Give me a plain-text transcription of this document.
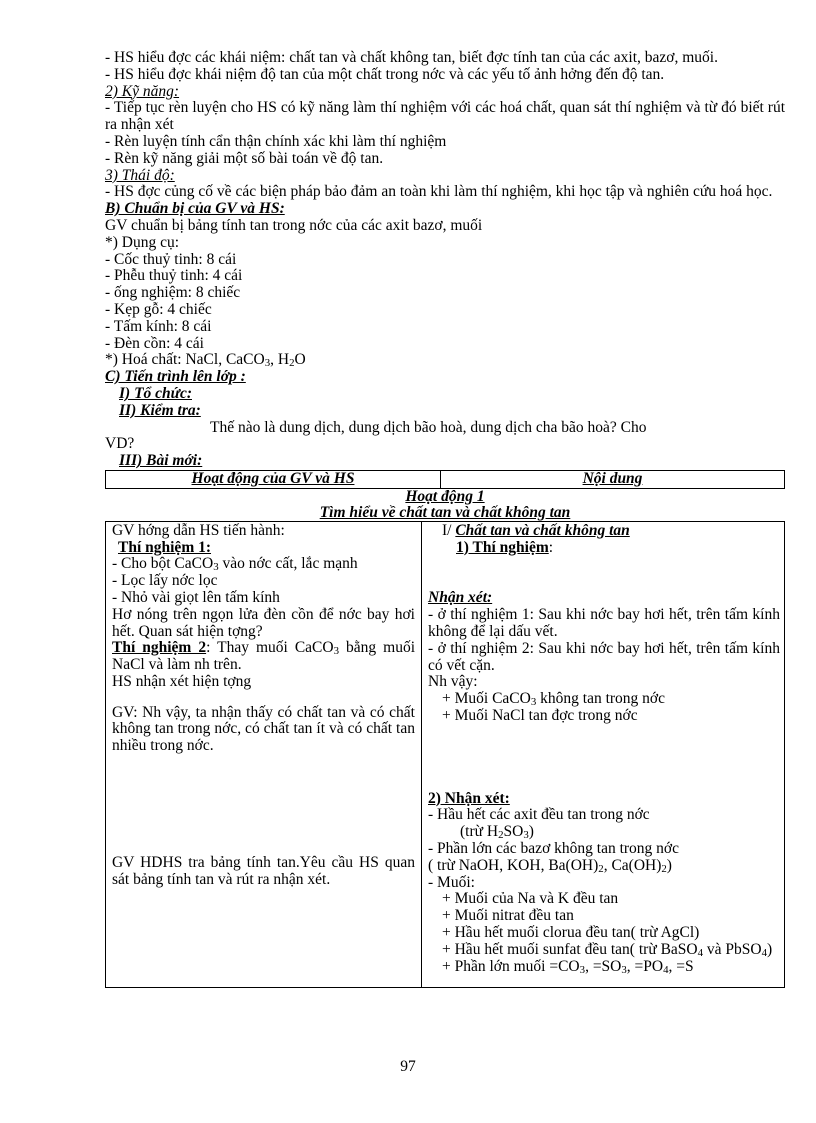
- HS hiểu đợc các khái niệm: chất tan và chất không tan, biết đợc tính tan của các axit, bazơ, muối.

- HS hiểu đợc khái niệm độ tan của một chất trong nớc và các yếu tố ảnh hởng đến độ tan.

2) Kỹ năng:

- Tiếp tục rèn luyện cho HS có kỹ năng làm thí nghiệm với các hoá chất, quan sát thí nghiệm và từ đó biết rút ra nhận xét

- Rèn luyện tính cẩn thận chính xác khi làm thí nghiệm

- Rèn kỹ năng giải một số bài toán về độ tan.

3) Thái độ:

- HS đợc củng cố về các biện pháp bảo đảm an toàn khi làm thí nghiệm, khi học tập và nghiên cứu hoá học.

B) Chuẩn bị của GV và HS:

GV chuẩn bị bảng tính tan trong nớc của các axit bazơ, muối

*) Dụng cụ:

- Cốc thuỷ tinh: 8 cái

- Phễu thuỷ tinh: 4 cái

- ống nghiệm: 8 chiếc

- Kẹp gỗ: 4 chiếc

- Tấm kính: 8 cái

- Đèn cồn: 4 cái

*) Hoá chất: NaCl, CaCO$_3$, $H_2O$

C) Tiến trình lên lớp :

I) Tổ chức:

II) Kiểm tra:

Thế nào là dung dịch, dung dịch bão hoà, dung dịch cha bão hoà? Cho

VD?

III) Bài mới:

Hoạt động của GV và HS	Nội dung
Hoạt động 1
Tìm hiểu về chất tan và chất không tan

GV hớng dẫn HS tiến hành:

Thí nghiệm 1:

- Cho bột CaCO$_3$ vào nớc cất, lắc mạnh

- Lọc lấy nớc lọc

- Nhỏ vài giọt lên tấm kính

Hơ nóng trên ngọn lửa đèn cồn để nớc bay hơi hết. Quan sát hiện tợng?

Thí nghiệm 2: Thay muối CaCO$_3$ bằng muối NaCl và làm nh trên.

HS nhận xét hiện tợng

GV: Nh vậy, ta nhận thấy có chất tan và có chất không tan trong nớc, có chất tan ít và có chất tan nhiều trong nớc.

GV HDHS tra bảng tính tan.Yêu cầu HS quan sát bảng tính tan và rút ra nhận xét.

I/ Chất tan và chất không tan

1) Thí nghiệm:

Nhận xét:

- ở thí nghiệm 1: Sau khi nớc bay hơi hết, trên tấm kính không để lại dấu vết.

- ở thí nghiệm 2: Sau khi nớc bay hơi hết, trên tấm kính có vết cặn.

Nh vậy:

+ Muối CaCO$_3$ không tan trong nớc

+ Muối NaCl tan đợc trong nớc

2) Nhận xét:

- Hầu hết các axit đều tan trong nớc

(trừ $H_2SO_3$)

- Phần lớn các bazơ không tan trong nớc

( trừ NaOH, KOH, $Ba(OH)_2$, $Ca(OH)_2$)

- Muối:

+ Muối của Na và K đều tan

+ Muối nitrat đều tan

+ Hầu hết muối clorua đều tan( trừ AgCl)

+ Hầu hết muối sunfat đều tan( trừ BaSO$_4$ và PbSO$_4$)

+ Phần lớn muối $=CO_3$, $=SO_3$, $=PO_4$, =S

97
